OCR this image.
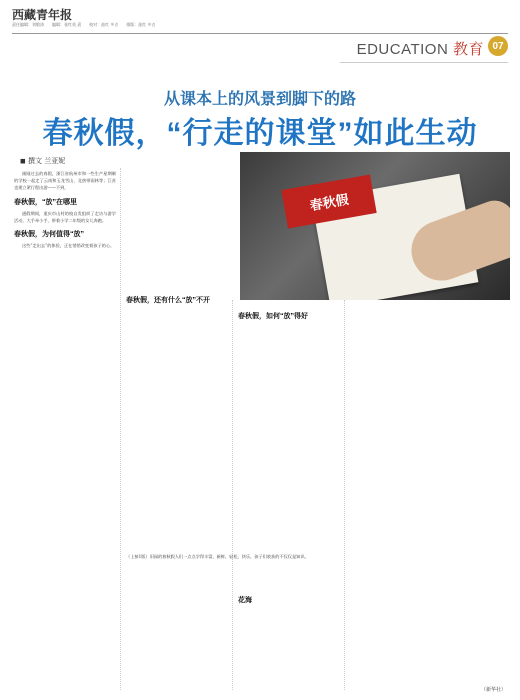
西藏青年报
责任编辑：刘敬涛　　编辑：张红英 责　　校对：池红 多吉　　排版：池红 多吉
EDUCATION 教育 07
从课本上的风景到脚下的路
春秋假，“行走的课堂”如此生动
春秋假
◼ 撰文 兰亚妮

刚刚过去的春假，浙江省杭州市和一些生产星期制的学校一起走了云南和玉龙雪山、北热带雨林等；江苏也建立紧行程出游——不到，

春秋假，“放”在哪里

通假期间，重庆市山村的校自发组织了走访与游学活动，大手牵小手，带着小学二年级的女儿奔跑。

春秋假，为何值得“放”

这些“走出去”的体验，正在悄悄改变着孩子的心。

春秋假，还有什么“放”不开
春秋假，如何“放”得好
（上接1版）旧园的春秋假人们一点点学得丰富，新鲜，轻松，快乐，孩子们收获的不仅仅是知识。
花海
（新华社）
